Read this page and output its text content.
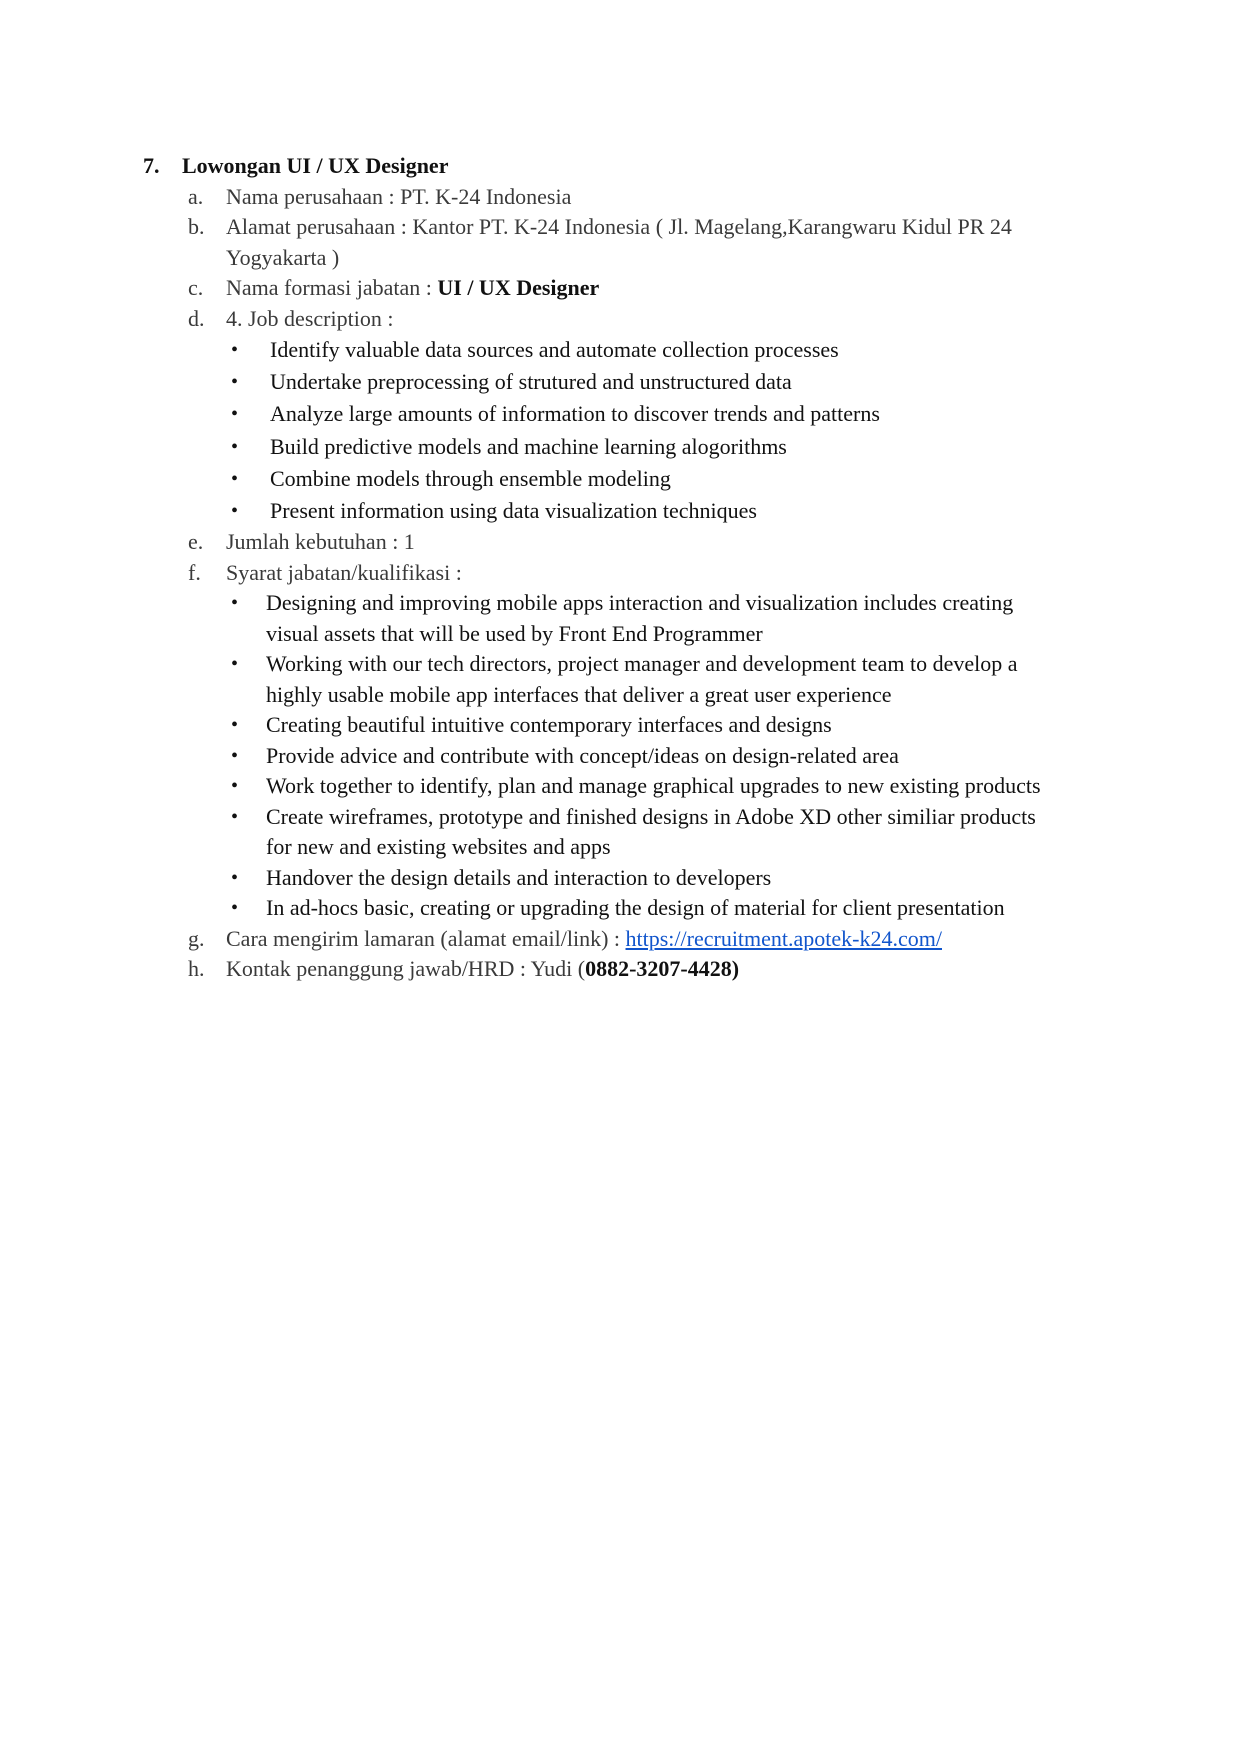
7. Lowongan UI / UX Designer
a. Nama perusahaan : PT. K-24 Indonesia
b. Alamat perusahaan : Kantor PT. K-24 Indonesia ( Jl. Magelang,Karangwaru Kidul PR 24
Yogyakarta )
c. Nama formasi jabatan : UI / UX Designer
d. 4. Job description :
• Identify valuable data sources and automate collection processes
• Undertake preprocessing of strutured and unstructured data
• Analyze large amounts of information to discover trends and patterns
• Build predictive models and machine learning alogorithms
• Combine models through ensemble modeling
• Present information using data visualization techniques
e. Jumlah kebutuhan : 1
f. Syarat jabatan/kualifikasi :
• Designing and improving mobile apps interaction and visualization includes creating
visual assets that will be used by Front End Programmer
• Working with our tech directors, project manager and development team to develop a
highly usable mobile app interfaces that deliver a great user experience
• Creating beautiful intuitive contemporary interfaces and designs
• Provide advice and contribute with concept/ideas on design-related area
• Work together to identify, plan and manage graphical upgrades to new existing products
• Create wireframes, prototype and finished designs in Adobe XD other similiar products
for new and existing websites and apps
• Handover the design details and interaction to developers
• In ad-hocs basic, creating or upgrading the design of material for client presentation
g. Cara mengirim lamaran (alamat email/link) : https://recruitment.apotek-k24.com/
h. Kontak penanggung jawab/HRD : Yudi (0882-3207-4428)
